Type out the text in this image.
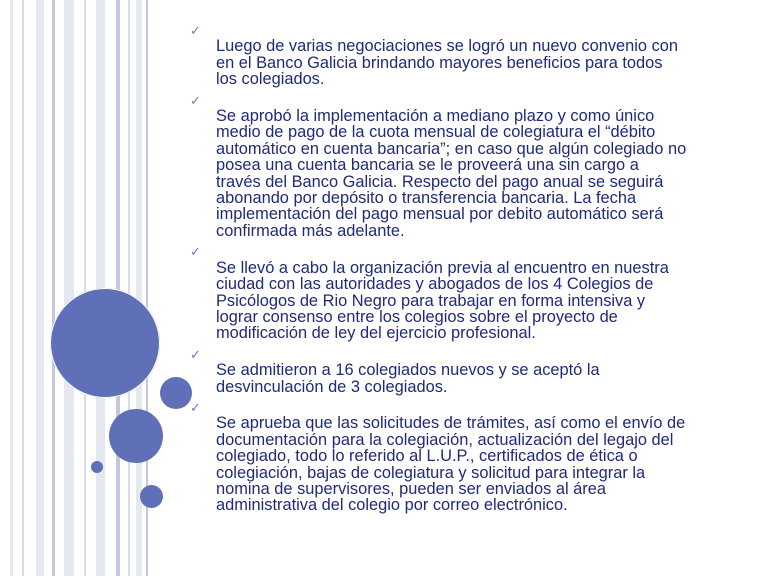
✓
Luego de varias negociaciones se logró un nuevo convenio con
en el Banco Galicia brindando mayores beneficios para todos
los colegiados.

✓
Se aprobó la implementación a mediano plazo y como único
medio de pago de la cuota mensual de colegiatura el “débito
automático en cuenta bancaria”; en caso que algún colegiado no
posea una cuenta bancaria se le proveerá una sin cargo a
través del Banco Galicia. Respecto del pago anual se seguirá
abonando por depósito o transferencia bancaria. La fecha
implementación del pago mensual por debito automático será
confirmada más adelante.

✓
Se llevó a cabo la organización previa al encuentro en nuestra
ciudad con las autoridades y abogados de los 4 Colegios de
Psicólogos de Rio Negro para trabajar en forma intensiva y
lograr consenso entre los colegios sobre el proyecto de
modificación de ley del ejercicio profesional.

✓
Se admitieron a 16 colegiados nuevos y se aceptó la
desvinculación de 3 colegiados.

✓
Se aprueba que las solicitudes de trámites, así como el envío de
documentación para la colegiación, actualización del legajo del
colegiado, todo lo referido al L.U.P., certificados de ética o
colegiación, bajas de colegiatura y solicitud para integrar la
nomina de supervisores, pueden ser enviados al área
administrativa del colegio por correo electrónico.
